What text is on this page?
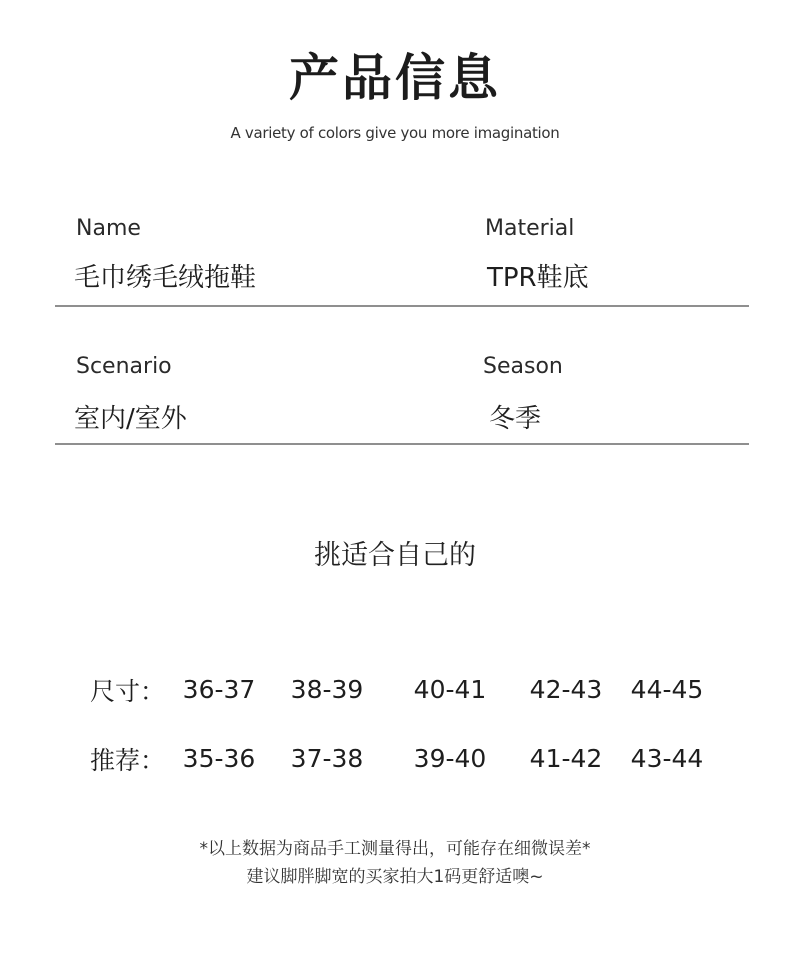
产品信息
A variety of colors give you more imagination
Name
毛巾绣毛绒拖鞋
Material
TPR鞋底
Scenario
室内/室外
Season
冬季
挑适合自己的
尺寸： 36-37	38-39	40-41	42-43	44-45
推荐： 35-36	37-38	39-40	41-42	43-44
*以上数据为商品手工测量得出，可能存在细微误差*
建议脚胖脚宽的买家拍大1码更舒适噢~
